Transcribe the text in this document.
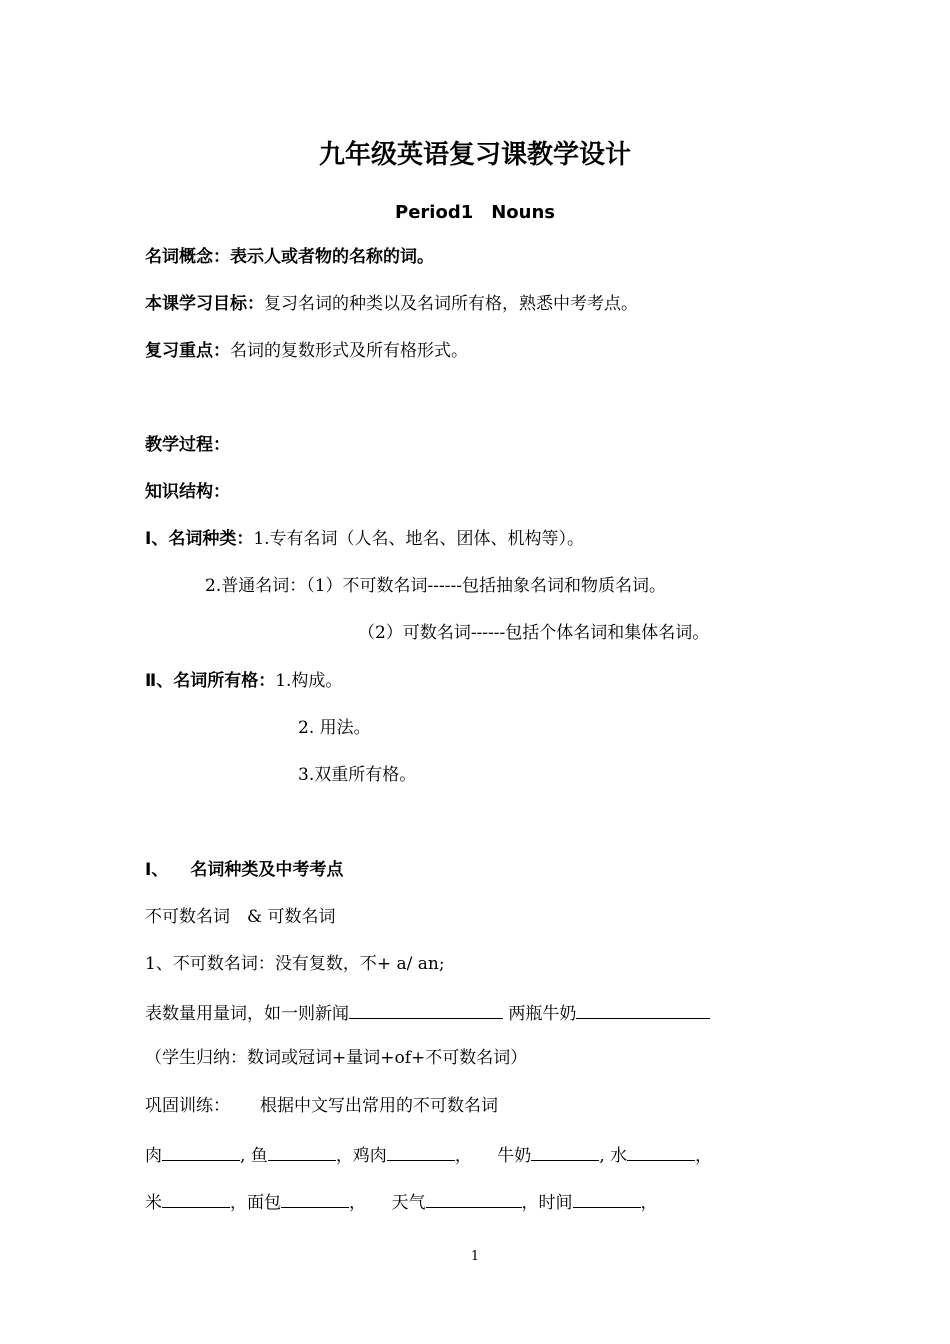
九年级英语复习课教学设计
Period1　Nouns
名词概念：表示人或者物的名称的词。
本课学习目标：复习名词的种类以及名词所有格，熟悉中考考点。
复习重点：名词的复数形式及所有格形式。
教学过程：
知识结构：
Ⅰ、名词种类：1.专有名词（人名、地名、团体、机构等）。
2.普通名词：（1）不可数名词------包括抽象名词和物质名词。
（2）可数名词------包括个体名词和集体名词。
Ⅱ、名词所有格：1.构成。
2. 用法。
3.双重所有格。
Ⅰ、 名词种类及中考考点
不可数名词　& 可数名词
1、不可数名词：没有复数，不+ a/ an;
表数量用量词，如一则新闻	两瓶牛奶
（学生归纳：数词或冠词+量词+of+不可数名词）
巩固训练： 根据中文写出常用的不可数名词
肉	, 鱼	，鸡肉	，　　牛奶	, 水	，
米	，面包	，　　天气	，时间	，
1
